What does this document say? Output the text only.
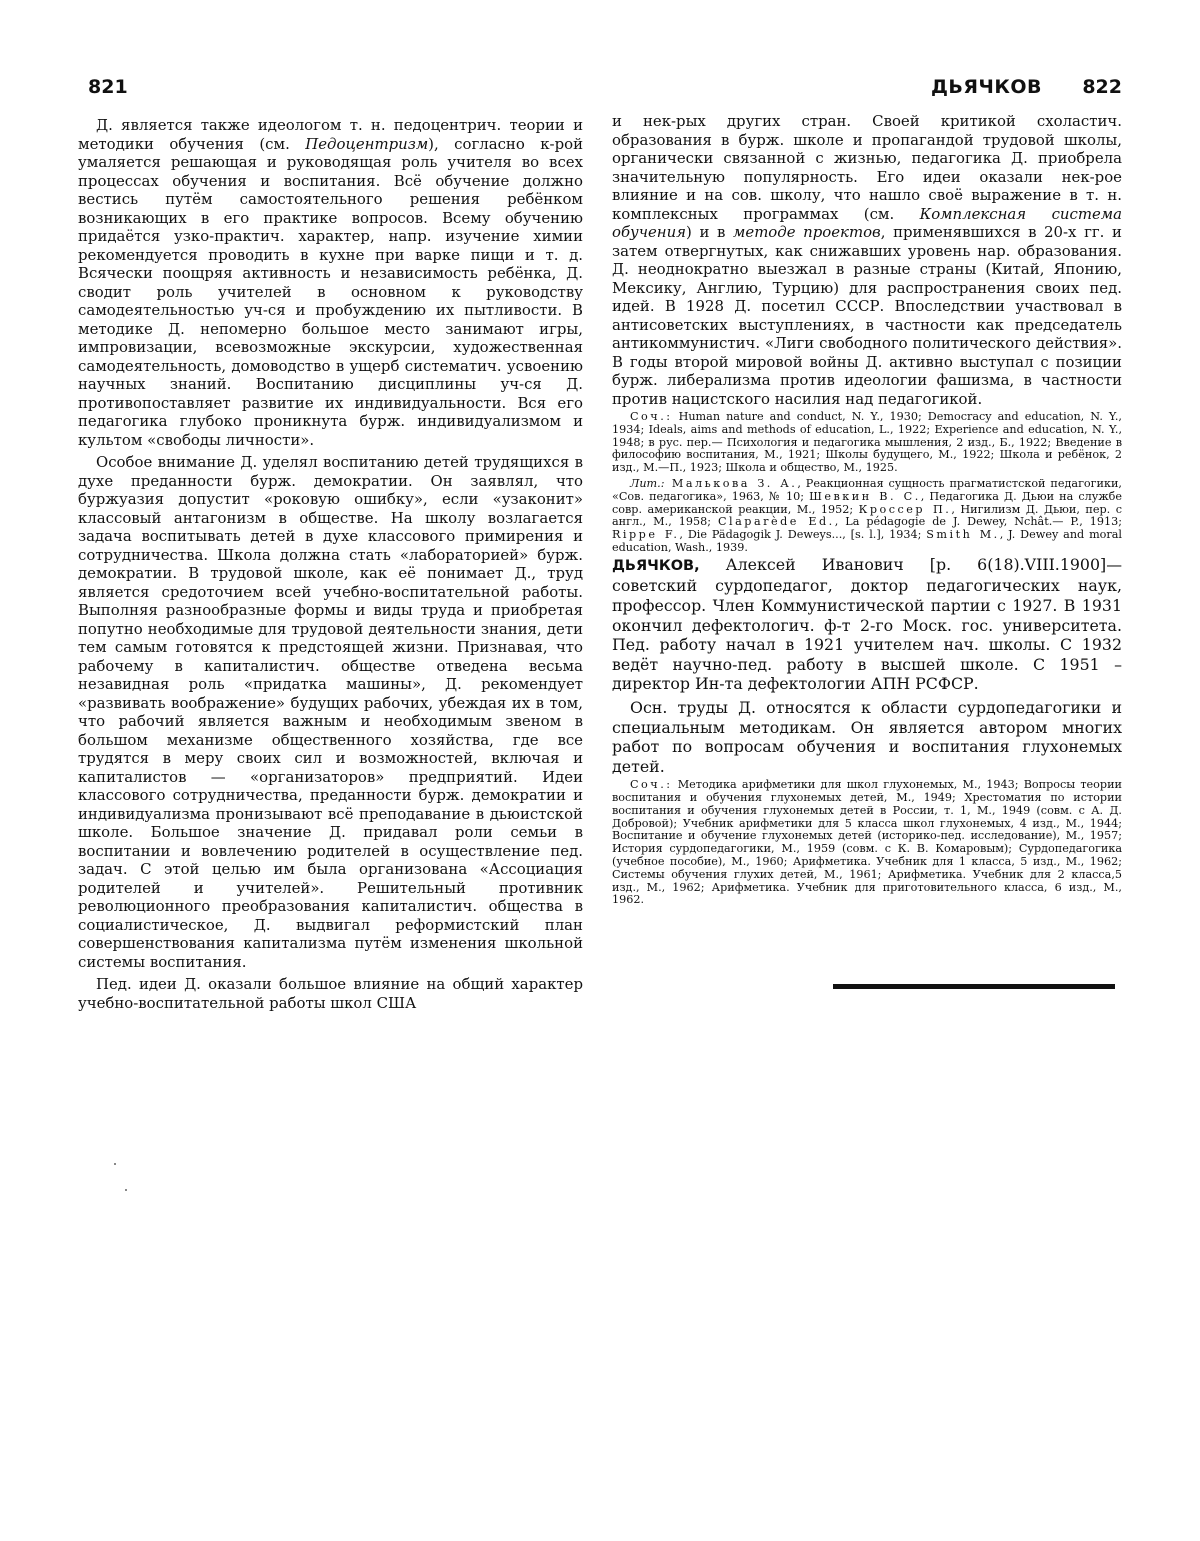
821	ДЬЯЧКОВ 822

Д. является также идеологом т. н. педоцентрич. теории и методики обучения (см. Педоцентризм), согласно к-рой умаляется решающая и руководящая роль учителя во всех процессах обучения и воспитания. Всё обучение должно вестись путём самостоятельного решения ребёнком возникающих в его практике вопросов. Всему обучению придаётся узко-практич. характер, напр. изучение химии рекомендуется проводить в кухне при варке пищи и т. д. Всячески поощряя активность и независимость ребёнка, Д. сводит роль учителей в основном к руководству самодеятельностью уч-ся и пробуждению их пытливости. В методике Д. непомерно большое место занимают игры, импровизации, всевозможные экскурсии, художественная самодеятельность, домоводство в ущерб систематич. усвоению научных знаний. Воспитанию дисциплины уч-ся Д. противопоставляет развитие их индивидуальности. Вся его педагогика глубоко проникнута бурж. индивидуализмом и культом «свободы личности».

Особое внимание Д. уделял воспитанию детей трудящихся в духе преданности бурж. демократии. Он заявлял, что буржуазия допустит «роковую ошибку», если «узаконит» классовый антагонизм в обществе. На школу возлагается задача воспитывать детей в духе классового примирения и сотрудничества. Школа должна стать «лабораторией» бурж. демократии. В трудовой школе, как её понимает Д., труд является средоточием всей учебно-воспитательной работы. Выполняя разнообразные формы и виды труда и приобретая попутно необходимые для трудовой деятельности знания, дети тем самым готовятся к предстоящей жизни. Признавая, что рабочему в капиталистич. обществе отведена весьма незавидная роль «придатка машины», Д. рекомендует «развивать воображение» будущих рабочих, убеждая их в том, что рабочий является важным и необходимым звеном в большом механизме общественного хозяйства, где все трудятся в меру своих сил и возможностей, включая и капиталистов — «организаторов» предприятий. Идеи классового сотрудничества, преданности бурж. демократии и индивидуализма пронизывают всё преподавание в дьюистской школе. Большое значение Д. придавал роли семьи в воспитании и вовлечению родителей в осуществление пед. задач. С этой целью им была организована «Ассоциация родителей и учителей». Решительный противник революционного преобразования капиталистич. общества в социалистическое, Д. выдвигал реформистский план совершенствования капитализма путём изменения школьной системы воспитания.

Пед. идеи Д. оказали большое влияние на общий характер учебно-воспитательной работы школ США

и нек-рых других стран. Своей критикой схоластич. образования в бурж. школе и пропагандой трудовой школы, органически связанной с жизнью, педагогика Д. приобрела значительную популярность. Его идеи оказали нек-рое влияние и на сов. школу, что нашло своё выражение в т. н. комплексных программах (см. Комплексная система обучения) и в методе проектов, применявшихся в 20-х гг. и затем отвергнутых, как снижавших уровень нар. образования. Д. неоднократно выезжал в разные страны (Китай, Японию, Мексику, Англию, Турцию) для распространения своих пед. идей. В 1928 Д. посетил СССР. Впоследствии участвовал в антисоветских выступлениях, в частности как председатель антикоммунистич. «Лиги свободного политического действия». В годы второй мировой войны Д. активно выступал с позиции бурж. либерализма против идеологии фашизма, в частности против нацистского насилия над педагогикой.

Соч.: Human nature and conduct, N. Y., 1930; Democracy and education, N. Y., 1934; Ideals, aims and methods of education, L., 1922; Experience and education, N. Y., 1948; в рус. пер.— Психология и педагогика мышления, 2 изд., Б., 1922; Введение в философию воспитания, М., 1921; Школы будущего, М., 1922; Школа и ребёнок, 2 изд., М.—П., 1923; Школа и общество, М., 1925.

Лит.: Малькова З. А., Реакционная сущность прагматистской педагогики, «Сов. педагогика», 1963, № 10; Шевкин В. С., Педагогика Д. Дьюи на службе совр. американской реакции, М., 1952; Кроссер П., Нигилизм Д. Дьюи, пер. с англ., М., 1958; Claparède Ed., La pédagogie de J. Dewey, Nchât.— P., 1913; Rippe F., Die Pädagogik J. Deweys..., [s. l.], 1934; Smith M., J. Dewey and moral education, Wash., 1939.

ДЬЯЧКОВ, Алексей Иванович [р. 6(18).VIII.1900]— советский сурдопедагог, доктор педагогических наук, профессор. Член Коммунистической партии с 1927. В 1931 окончил дефектологич. ф-т 2-го Моск. гос. университета. Пед. работу начал в 1921 учителем нач. школы. С 1932 ведёт научно-пед. работу в высшей школе. С 1951 – директор Ин-та дефектологии АПН РСФСР.

Осн. труды Д. относятся к области сурдопедагогики и специальным методикам. Он является автором многих работ по вопросам обучения и воспитания глухонемых детей.

Соч.: Методика арифметики для школ глухонемых, М., 1943; Вопросы теории воспитания и обучения глухонемых детей, М., 1949; Хрестоматия по истории воспитания и обучения глухонемых детей в России, т. 1, М., 1949 (совм. с А. Д. Добровой); Учебник арифметики для 5 класса школ глухонемых, 4 изд., М., 1944; Воспитание и обучение глухонемых детей (историко-пед. исследование), М., 1957; История сурдопедагогики, М., 1959 (совм. с К. В. Комаровым); Сурдопедагогика (учебное пособие), М., 1960; Арифметика. Учебник для 1 класса, 5 изд., М., 1962; Системы обучения глухих детей, М., 1961; Арифметика. Учебник для 2 класса,5 изд., М., 1962; Арифметика. Учебник для приготовительного класса, 6 изд., М., 1962.
